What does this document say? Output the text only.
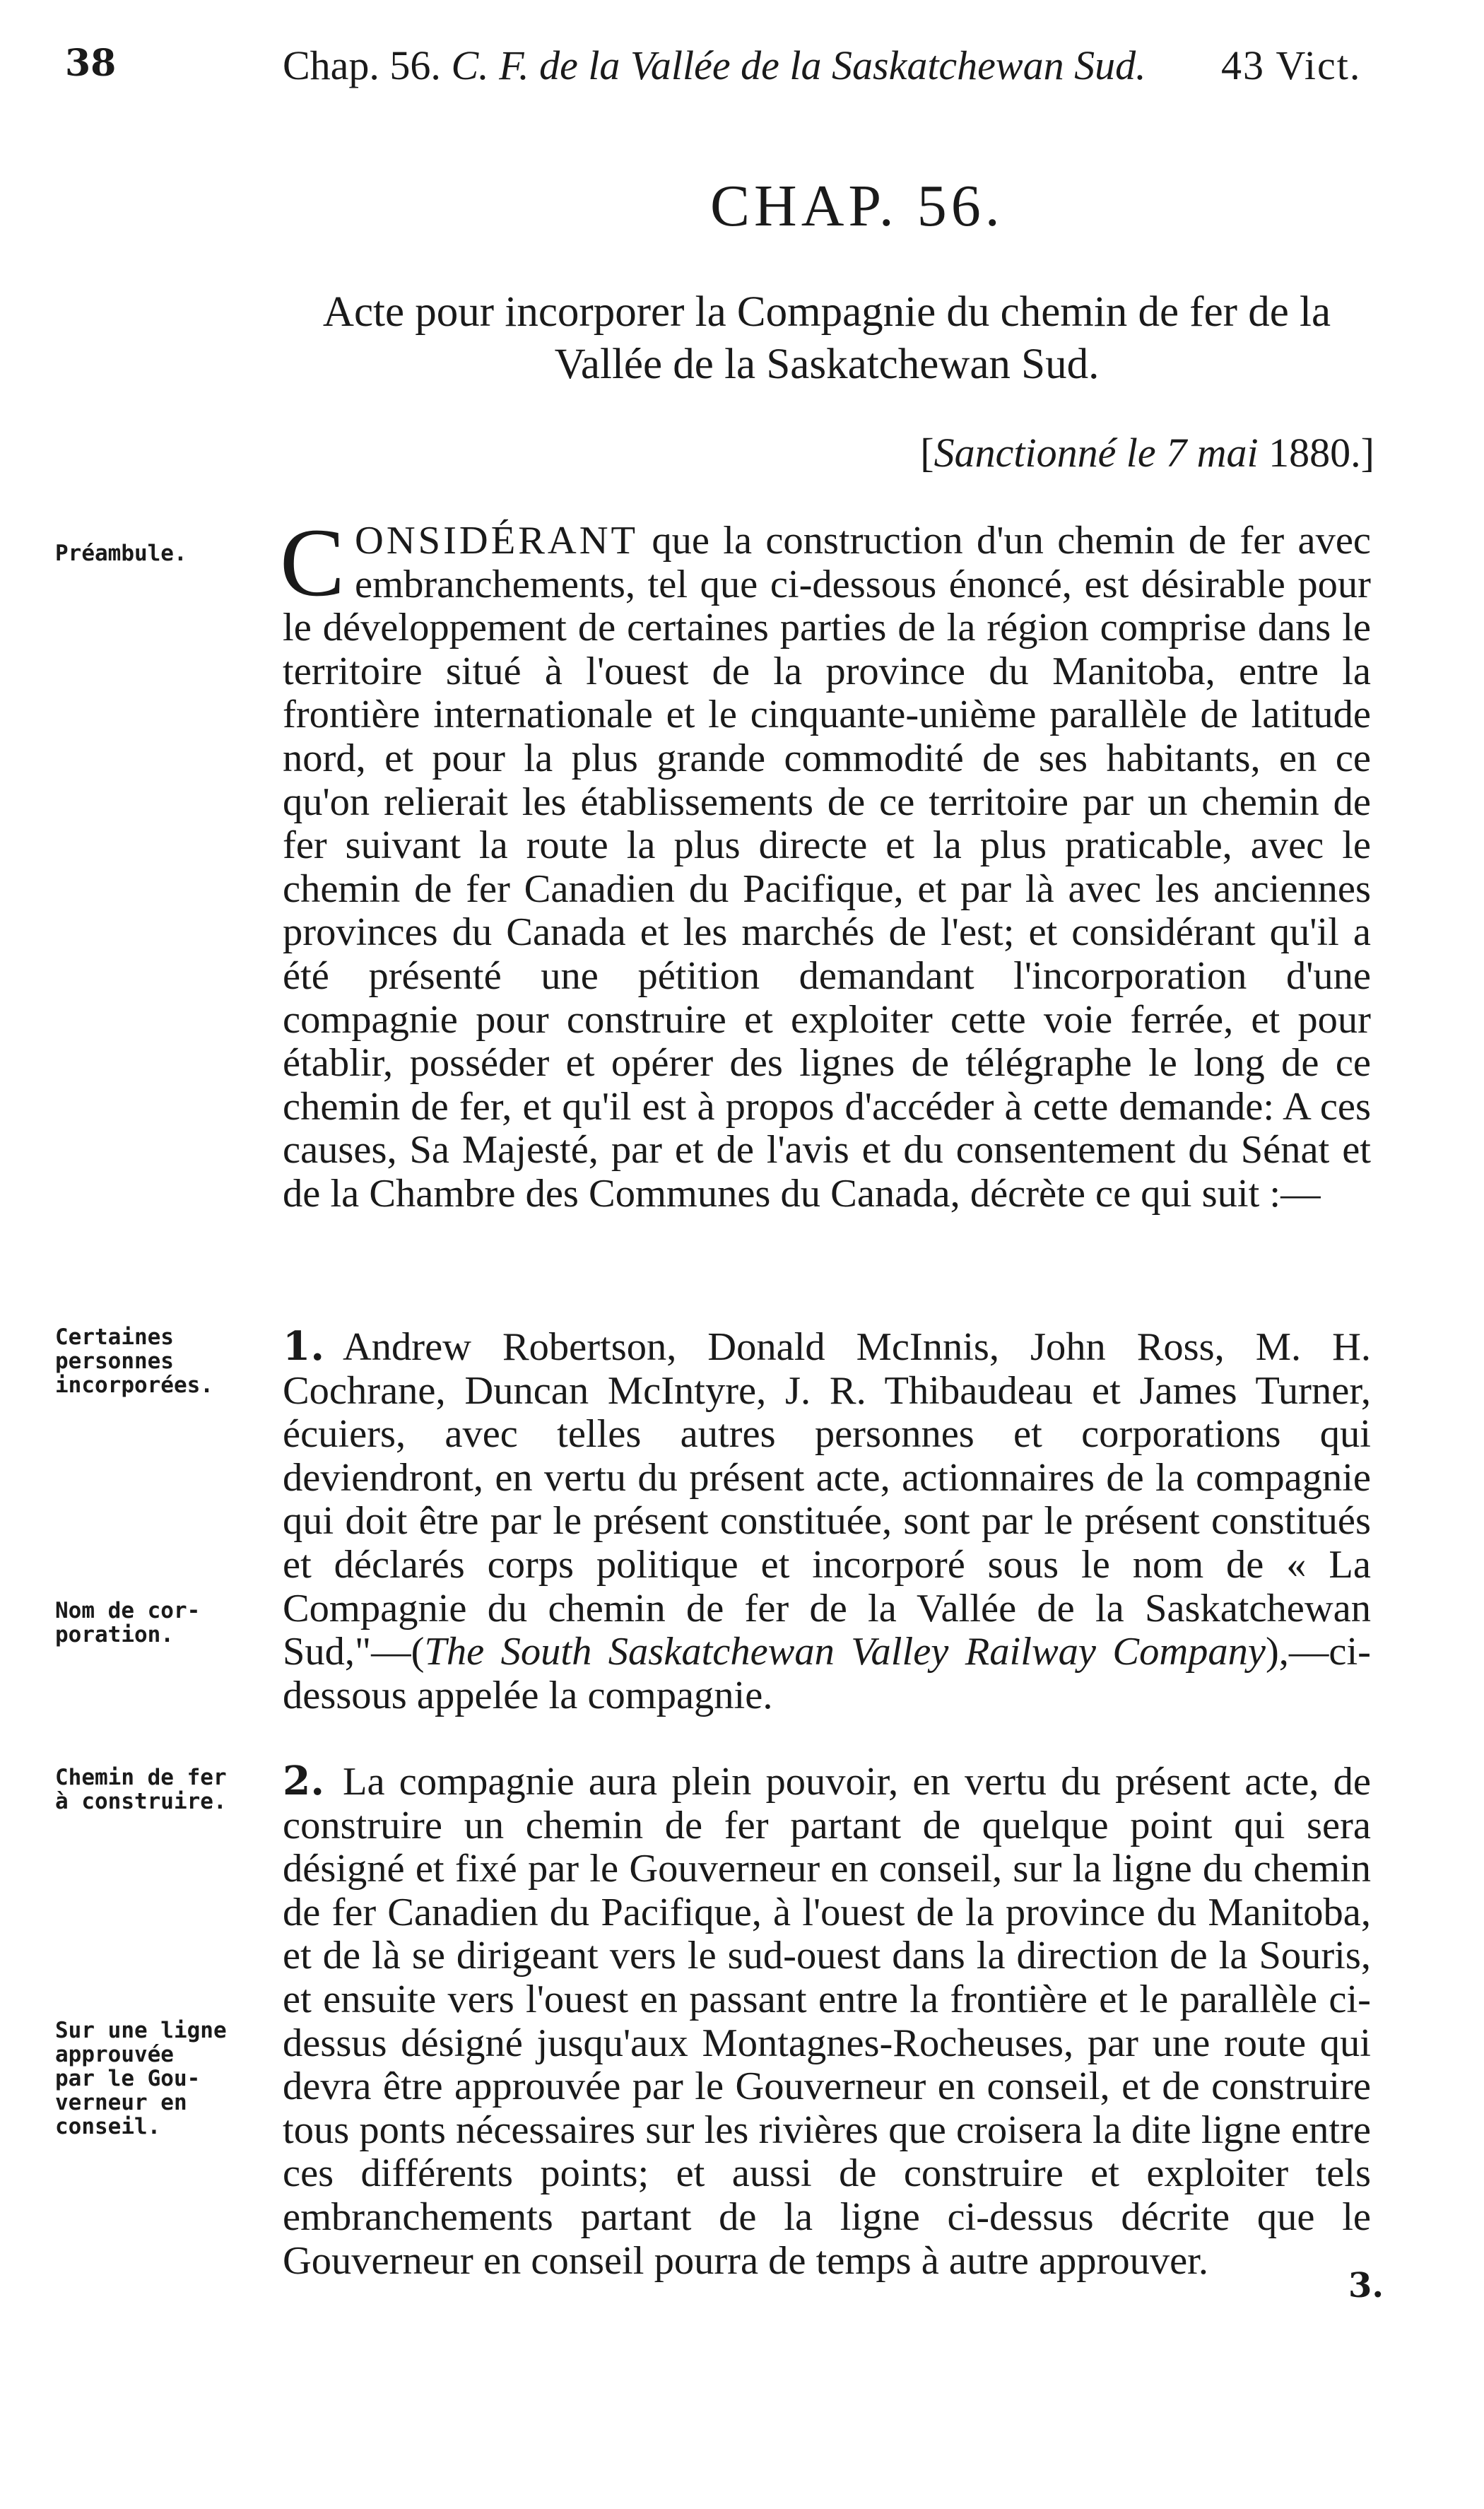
38	Chap. 56. C. F. de la Vallée de la Saskatchewan Sud. 43 Vict.
CHAP. 56.
Acte pour incorporer la Compagnie du chemin de fer de la Vallée de la Saskatchewan Sud.
[Sanctionné le 7 mai 1880.]
Préambule.
Certaines
personnes
incorporées.
Nom de cor-
poration.
Chemin de fer
à construire.
Sur une ligne
approuvée
par le Gou-
verneur en
conseil.
CONSIDÉRANT que la construction d'un chemin de fer avec embranchements, tel que ci-dessous énoncé, est désirable pour le développement de certaines parties de la région comprise dans le territoire situé à l'ouest de la province du Manitoba, entre la frontière internationale et le cinquante-unième parallèle de latitude nord, et pour la plus grande commodité de ses habitants, en ce qu'on relierait les établissements de ce territoire par un chemin de fer suivant la route la plus directe et la plus praticable, avec le chemin de fer Canadien du Pacifique, et par là avec les anciennes provinces du Canada et les marchés de l'est; et considérant qu'il a été présenté une pétition demandant l'incorporation d'une compagnie pour construire et exploiter cette voie ferrée, et pour établir, posséder et opérer des lignes de télégraphe le long de ce chemin de fer, et qu'il est à propos d'accéder à cette demande: A ces causes, Sa Majesté, par et de l'avis et du consentement du Sénat et de la Chambre des Communes du Canada, décrète ce qui suit :—
1. Andrew Robertson, Donald McInnis, John Ross, M. H. Cochrane, Duncan McIntyre, J. R. Thibaudeau et James Turner, écuiers, avec telles autres personnes et corporations qui deviendront, en vertu du présent acte, actionnaires de la compagnie qui doit être par le présent constituée, sont par le présent constitués et déclarés corps politique et incorporé sous le nom de « La Compagnie du chemin de fer de la Vallée de la Saskatchewan Sud,"—(The South Saskatchewan Valley Railway Company),—ci-dessous appelée la compagnie.
2. La compagnie aura plein pouvoir, en vertu du présent acte, de construire un chemin de fer partant de quelque point qui sera désigné et fixé par le Gouverneur en conseil, sur la ligne du chemin de fer Canadien du Pacifique, à l'ouest de la province du Manitoba, et de là se dirigeant vers le sud-ouest dans la direction de la Souris, et ensuite vers l'ouest en passant entre la frontière et le parallèle ci-dessus désigné jusqu'aux Montagnes-Rocheuses, par une route qui devra être approuvée par le Gouverneur en conseil, et de construire tous ponts nécessaires sur les rivières que croisera la dite ligne entre ces différents points; et aussi de construire et exploiter tels embranchements partant de la ligne ci-dessus décrite que le Gouverneur en conseil pourra de temps à autre approuver.
3.
